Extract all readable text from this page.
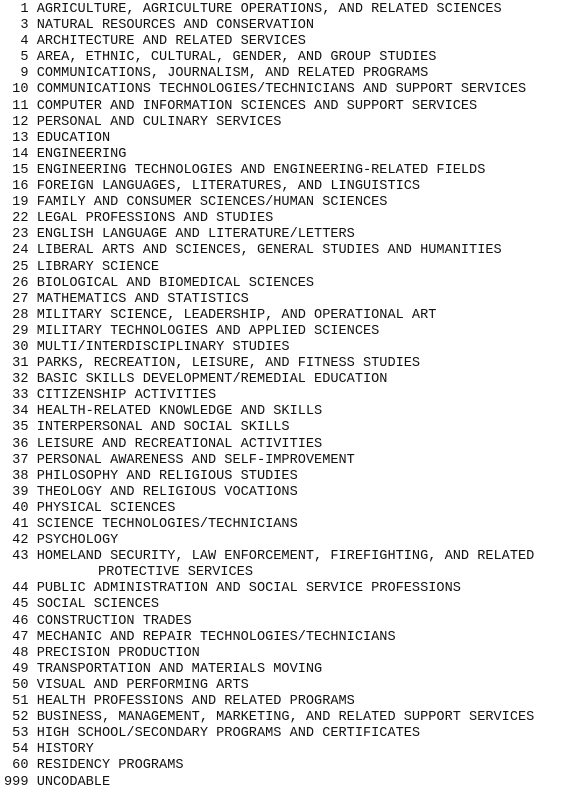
1 AGRICULTURE, AGRICULTURE OPERATIONS, AND RELATED SCIENCES
3 NATURAL RESOURCES AND CONSERVATION
4 ARCHITECTURE AND RELATED SERVICES
5 AREA, ETHNIC, CULTURAL, GENDER, AND GROUP STUDIES
9 COMMUNICATIONS, JOURNALISM, AND RELATED PROGRAMS
10 COMMUNICATIONS TECHNOLOGIES/TECHNICIANS AND SUPPORT SERVICES
11 COMPUTER AND INFORMATION SCIENCES AND SUPPORT SERVICES
12 PERSONAL AND CULINARY SERVICES
13 EDUCATION
14 ENGINEERING
15 ENGINEERING TECHNOLOGIES AND ENGINEERING-RELATED FIELDS
16 FOREIGN LANGUAGES, LITERATURES, AND LINGUISTICS
19 FAMILY AND CONSUMER SCIENCES/HUMAN SCIENCES
22 LEGAL PROFESSIONS AND STUDIES
23 ENGLISH LANGUAGE AND LITERATURE/LETTERS
24 LIBERAL ARTS AND SCIENCES, GENERAL STUDIES AND HUMANITIES
25 LIBRARY SCIENCE
26 BIOLOGICAL AND BIOMEDICAL SCIENCES
27 MATHEMATICS AND STATISTICS
28 MILITARY SCIENCE, LEADERSHIP, AND OPERATIONAL ART
29 MILITARY TECHNOLOGIES AND APPLIED SCIENCES
30 MULTI/INTERDISCIPLINARY STUDIES
31 PARKS, RECREATION, LEISURE, AND FITNESS STUDIES
32 BASIC SKILLS DEVELOPMENT/REMEDIAL EDUCATION
33 CITIZENSHIP ACTIVITIES
34 HEALTH-RELATED KNOWLEDGE AND SKILLS
35 INTERPERSONAL AND SOCIAL SKILLS
36 LEISURE AND RECREATIONAL ACTIVITIES
37 PERSONAL AWARENESS AND SELF-IMPROVEMENT
38 PHILOSOPHY AND RELIGIOUS STUDIES
39 THEOLOGY AND RELIGIOUS VOCATIONS
40 PHYSICAL SCIENCES
41 SCIENCE TECHNOLOGIES/TECHNICIANS
42 PSYCHOLOGY
43 HOMELAND SECURITY, LAW ENFORCEMENT, FIREFIGHTING, AND RELATED
PROTECTIVE SERVICES
44 PUBLIC ADMINISTRATION AND SOCIAL SERVICE PROFESSIONS
45 SOCIAL SCIENCES
46 CONSTRUCTION TRADES
47 MECHANIC AND REPAIR TECHNOLOGIES/TECHNICIANS
48 PRECISION PRODUCTION
49 TRANSPORTATION AND MATERIALS MOVING
50 VISUAL AND PERFORMING ARTS
51 HEALTH PROFESSIONS AND RELATED PROGRAMS
52 BUSINESS, MANAGEMENT, MARKETING, AND RELATED SUPPORT SERVICES
53 HIGH SCHOOL/SECONDARY PROGRAMS AND CERTIFICATES
54 HISTORY
60 RESIDENCY PROGRAMS
999 UNCODABLE
